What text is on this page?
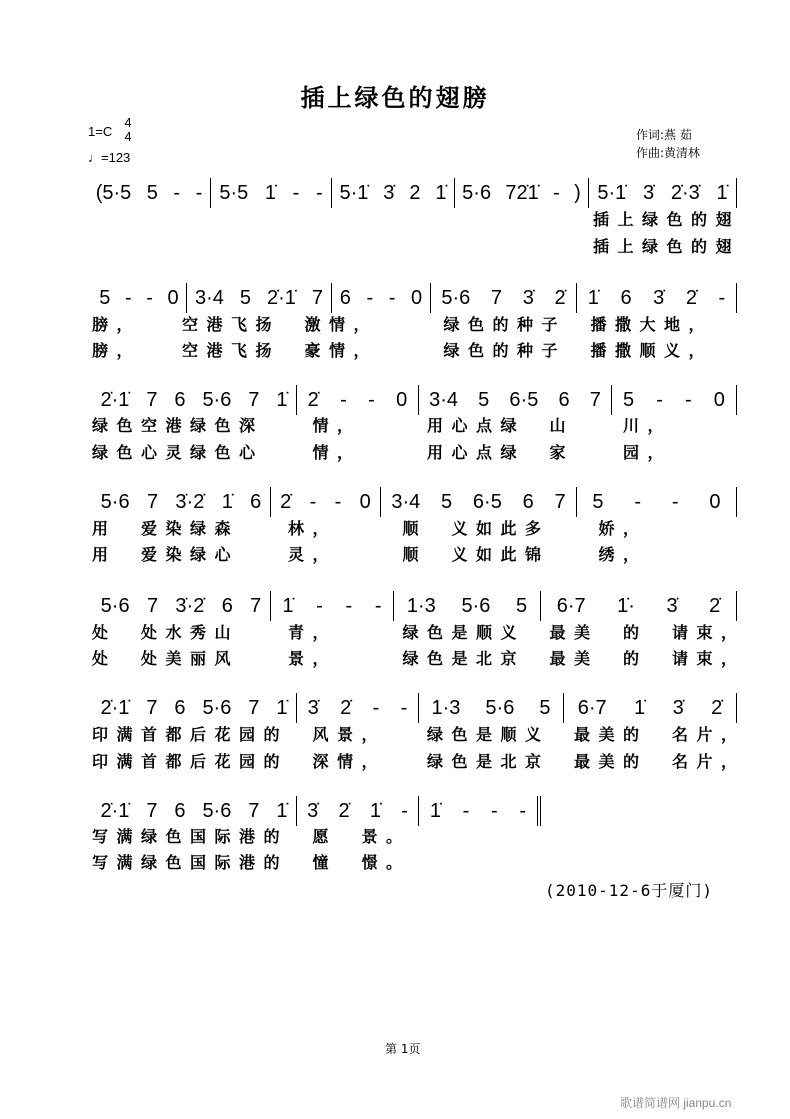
插上绿色的翅膀
1=C
4
4
♩=123
作词:燕 茹
作曲:黄清林
(5·5 5 - - 5·5 1̇ - - 5·1̇ 3̇ 2 1̇ 5·6 72̇1̇ - ) 5·1̇ 3̇ 2̇·3̇ 1̇
插上绿色的翅
插上绿色的翅
5 - - 0 3·4 5 2̇·1̇ 7 6 - - 0 5·6 7 3̇ 2̇ 1̇ 6 3̇ 2̇ -
膀，　　空港飞扬　激情，　　　绿色的种子　播撒大地，
膀，　　空港飞扬　豪情，　　　绿色的种子　播撒顺义，
2̇·1̇ 7 6 5·6 7 1̇ 2̇ - - 0 3·4 5 6·5 6 7 5 - - 0
绿色空港绿色深　　情，　　　用心点绿　山　　川，
绿色心灵绿色心　　情，　　　用心点绿　家　　园，
5·6 7 3̇·2̇ 1̇ 6 2̇ - - 0 3·4 5 6·5 6 7 5 - - 0
用　爱染绿森　　林，　　　顺　义如此多　　娇，
用　爱染绿心　　灵，　　　顺　义如此锦　　绣，
5·6 7 3̇·2̇ 6 7 1̇ - - - 1·3 5·6 5 6·7 1̇· 3̇ 2̇
处　处水秀山　　青，　　　绿色是顺义　最美　的　请束，
处　处美丽风　　景，　　　绿色是北京　最美　的　请束，
2̇·1̇ 7 6 5·6 7 1̇ 3̇ 2̇ - - 1·3 5·6 5 6·7 1̇ 3̇ 2̇
印满首都后花园的　风景，　　绿色是顺义　最美的　名片，
印满首都后花园的　深情，　　绿色是北京　最美的　名片，
2̇·1̇ 7 6 5·6 7 1̇ 3̇ 2̇ 1̇ - 1̇ - - -
写满绿色国际港的　愿　景。
写满绿色国际港的　憧　憬。
(2010-12-6于厦门)
第 1页
歌谱简谱网 jianpu.cn
